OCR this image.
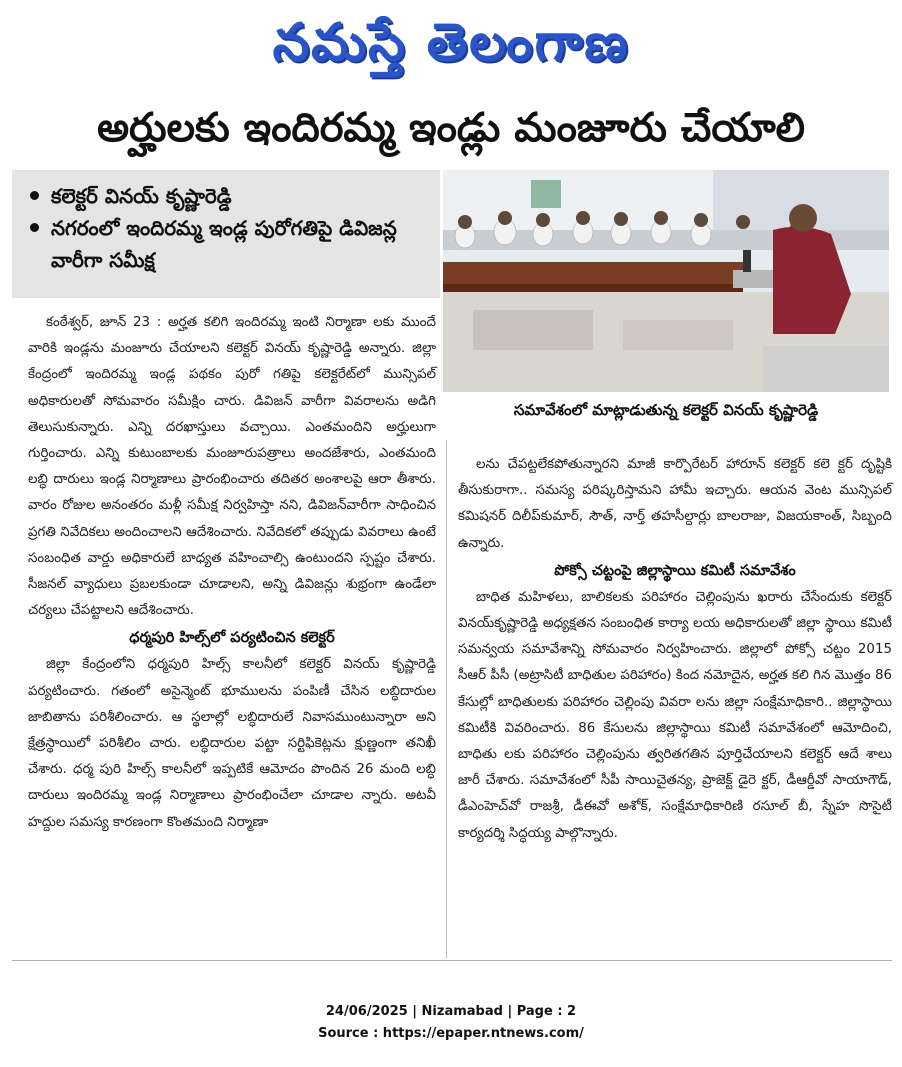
నమస్తే తెలంగాణ
అర్హులకు ఇందిరమ్మ ఇండ్లు మంజూరు చేయాలి
కలెక్టర్ వినయ్ కృష్ణారెడ్డి
నగరంలో ఇందిరమ్మ ఇండ్ల పురోగతిపై డివిజన్ల వారీగా సమీక్ష
సమావేశంలో మాట్లాడుతున్న కలెక్టర్ వినయ్ కృష్ణారెడ్డి

కంఠేశ్వర్, జూన్ 23 : అర్హత కలిగి ఇందిరమ్మ ఇంటి నిర్మాణా లకు ముందే వారికి ఇండ్లను మంజూరు చేయాలని కలెక్టర్ వినయ్ కృష్ణారెడ్డి అన్నారు. జిల్లా కేంద్రంలో ఇందిరమ్మ ఇండ్ల పథకం పురో గతిపై కలెక్టరేట్‌లో మున్సిపల్ అధికారులతో సోమవారం సమీక్షిం చారు. డివిజన్ వారీగా వివరాలను అడిగి తెలుసుకున్నారు. ఎన్ని దరఖాస్తులు వచ్చాయి. ఎంతమందిని అర్హులుగా గుర్తించారు. ఎన్ని కుటుంబాలకు మంజూరుపత్రాలు అందజేశారు, ఎంతమంది లబ్ధి దారులు ఇండ్ల నిర్మాణాలు ప్రారంభించారు తదితర అంశాలపై ఆరా తీశారు. వారం రోజుల అనంతరం మళ్లీ సమీక్ష నిర్వహిస్తా నని, డివిజన్‌వారీగా సాధించిన ప్రగతి నివేదికలు అందించాలని ఆదేశించారు. నివేదికలో తప్పుడు వివరాలు ఉంటే సంబంధిత వార్డు అధికారులే బాధ్యత వహించాల్సి ఉంటుందని స్పష్టం చేశారు. సీజనల్ వ్యాధులు ప్రబలకుండా చూడాలని, అన్ని డివిజన్లు శుభ్రంగా ఉండేలా చర్యలు చేపట్టాలని ఆదేశించారు.

ధర్మపురి హిల్స్‌లో పర్యటించిన కలెక్టర్

జిల్లా కేంద్రంలోని ధర్మపురి హిల్స్ కాలనీలో కలెక్టర్ వినయ్ కృష్ణారెడ్డి పర్యటించారు. గతంలో అసైన్మెంట్ భూములను పంపిణీ చేసిన లబ్ధిదారుల జాబితాను పరిశీలించారు. ఆ స్థలాల్లో లబ్ధిదారులే నివాసముంటున్నారా అని క్షేత్రస్థాయిలో పరిశీలిం చారు. లబ్ధిదారుల పట్టా సర్టిఫికెట్లను క్షుణ్ణంగా తనిఖీ చేశారు. ధర్మ పురి హిల్స్ కాలనీలో ఇప్పటికే ఆమోదం పొందిన 26 మంది లబ్ధి దారులు ఇందిరమ్మ ఇండ్ల నిర్మాణాలు ప్రారంభించేలా చూడాల న్నారు. అటవీ హద్దుల సమస్య కారణంగా కొంతమంది నిర్మాణా

లను చేపట్టలేకపోతున్నారని మాజీ కార్పొరేటర్ హారూన్ కలెక్టర్ కలె క్టర్ దృష్టికి తీసుకురాగా.. సమస్య పరిష్కరిస్తామని హామీ ఇచ్చారు. ఆయన వెంట మున్సిపల్ కమిషనర్ దిలీప్‌కుమార్, సౌత్, నార్త్ తహసీల్దార్లు బాలరాజు, విజయకాంత్, సిబ్బంది ఉన్నారు.

పోక్సో చట్టంపై జిల్లాస్థాయి కమిటీ సమావేశం

బాధిత మహిళలు, బాలికలకు పరిహారం చెల్లింపును ఖరారు చేసేందుకు కలెక్టర్ వినయ్‌కృష్ణారెడ్డి అధ్యక్షతన సంబంధిత కార్యా లయ అధికారులతో జిల్లా స్థాయి కమిటీ సమన్వయ సమావేశాన్ని సోమవారం నిర్వహించారు. జిల్లాలో పోక్సో చట్టం 2015 సీఆర్ పీసీ (అట్రాసిటీ బాధితుల పరిహారం) కింద నమోదైన, అర్హత కలి గిన మొత్తం 86 కేసుల్లో బాధితులకు పరిహారం చెల్లింపు వివరా లను జిల్లా సంక్షేమాధికారి.. జిల్లాస్థాయి కమిటీకి వివరించారు. 86 కేసులను జిల్లాస్థాయి కమిటీ సమావేశంలో ఆమోదించి, బాధితు లకు పరిహారం చెల్లింపును త్వరితగతిన పూర్తిచేయాలని కలెక్టర్ ఆదే శాలు జారీ చేశారు. సమావేశంలో సీపీ సాయిచైతన్య, ప్రాజెక్ట్ డైరె క్టర్, డీఆర్డీవో సాయాగౌడ్, డీఎంహెచ్‌వో రాజశ్రీ, డీఈవో అశోక్, సంక్షేమాధికారిణి రసూల్ బీ, స్నేహ సొసైటీ కార్యదర్శి సిద్ధయ్య పాల్గొన్నారు.

24/06/2025 | Nizamabad | Page : 2
Source : https://epaper.ntnews.com/
